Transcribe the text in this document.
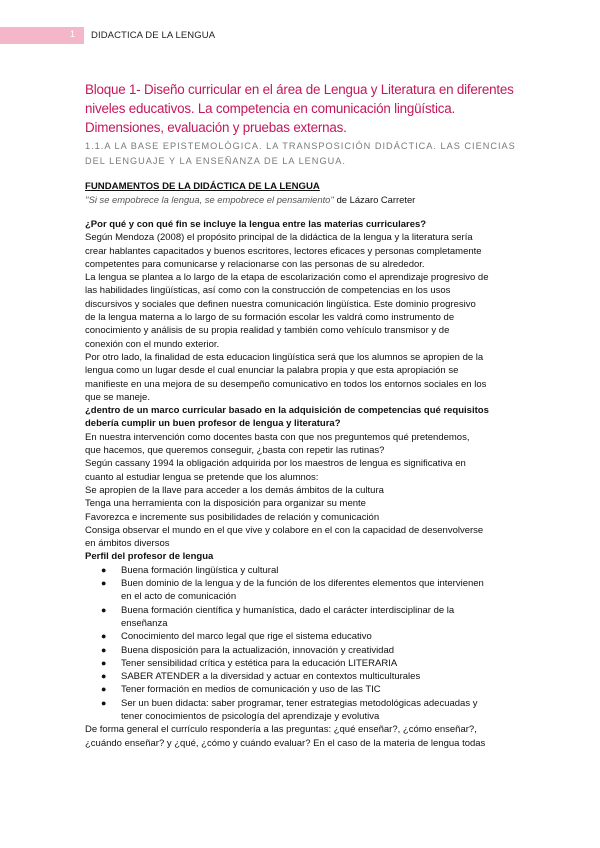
1 DIDACTICA DE LA LENGUA
Bloque 1- Diseño curricular en el área de Lengua y Literatura en diferentes
niveles educativos. La competencia en comunicación lingüística.
Dimensiones, evaluación y pruebas externas.
1.1.A LA BASE EPISTEMOLÓGICA. LA TRANSPOSICIÓN DIDÁCTICA. LAS CIENCIAS
DEL LENGUAJE Y LA ENSEÑANZA DE LA LENGUA.
FUNDAMENTOS DE LA DIDÁCTICA DE LA LENGUA
''Si se empobrece la lengua, se empobrece el pensamiento'' de Lázaro Carreter
¿Por qué y con qué fin se incluye la lengua entre las materias curriculares?
Según Mendoza (2008) el propósito principal de la didáctica de la lengua y la literatura sería
crear hablantes capacitados y buenos escritores, lectores eficaces y personas completamente
competentes para comunicarse y relacionarse con las personas de su alrededor.
La lengua se plantea a lo largo de la etapa de escolarización como el aprendizaje progresivo de
las habilidades lingüísticas, así como con la construcción de competencias en los usos
discursivos y sociales que definen nuestra comunicación lingüística. Este dominio progresivo
de la lengua materna a lo largo de su formación escolar les valdrá como instrumento de
conocimiento y análisis de su propia realidad y también como vehículo transmisor y de
conexión con el mundo exterior.
Por otro lado, la finalidad de esta educacion lingüística será que los alumnos se apropien de la
lengua como un lugar desde el cual enunciar la palabra propia y que esta apropiación se
manifieste en una mejora de su desempeño comunicativo en todos los entornos sociales en los
que se maneje.
¿dentro de un marco curricular basado en la adquisición de competencias qué requisitos
debería cumplir un buen profesor de lengua y literatura?
En nuestra intervención como docentes basta con que nos preguntemos qué pretendemos,
que hacemos, que queremos conseguir, ¿basta con repetir las rutinas?
Según cassany 1994 la obligación adquirida por los maestros de lengua es significativa en
cuanto al estudiar lengua se pretende que los alumnos:
Se apropien de la llave para acceder a los demás ámbitos de la cultura
Tenga una herramienta con la disposición para organizar su mente
Favorezca e incremente sus posibilidades de relación y comunicación
Consiga observar el mundo en el que vive y colabore en el con la capacidad de desenvolverse
en ámbitos diversos
Perfil del profesor de lengua
● Buena formación lingüística y cultural
● Buen dominio de la lengua y de la función de los diferentes elementos que intervienen
en el acto de comunicación
● Buena formación científica y humanística, dado el carácter interdisciplinar de la
enseñanza
● Conocimiento del marco legal que rige el sistema educativo
● Buena disposición para la actualización, innovación y creatividad
● Tener sensibilidad crítica y estética para la educación LITERARIA
● SABER ATENDER a la diversidad y actuar en contextos multiculturales
● Tener formación en medios de comunicación y uso de las TIC
● Ser un buen didacta: saber programar, tener estrategias metodológicas adecuadas y
tener conocimientos de psicología del aprendizaje y evolutiva
De forma general el currículo respondería a las preguntas: ¿qué enseñar?, ¿cómo enseñar?,
¿cuándo enseñar? y ¿qué, ¿cómo y cuándo evaluar? En el caso de la materia de lengua todas
